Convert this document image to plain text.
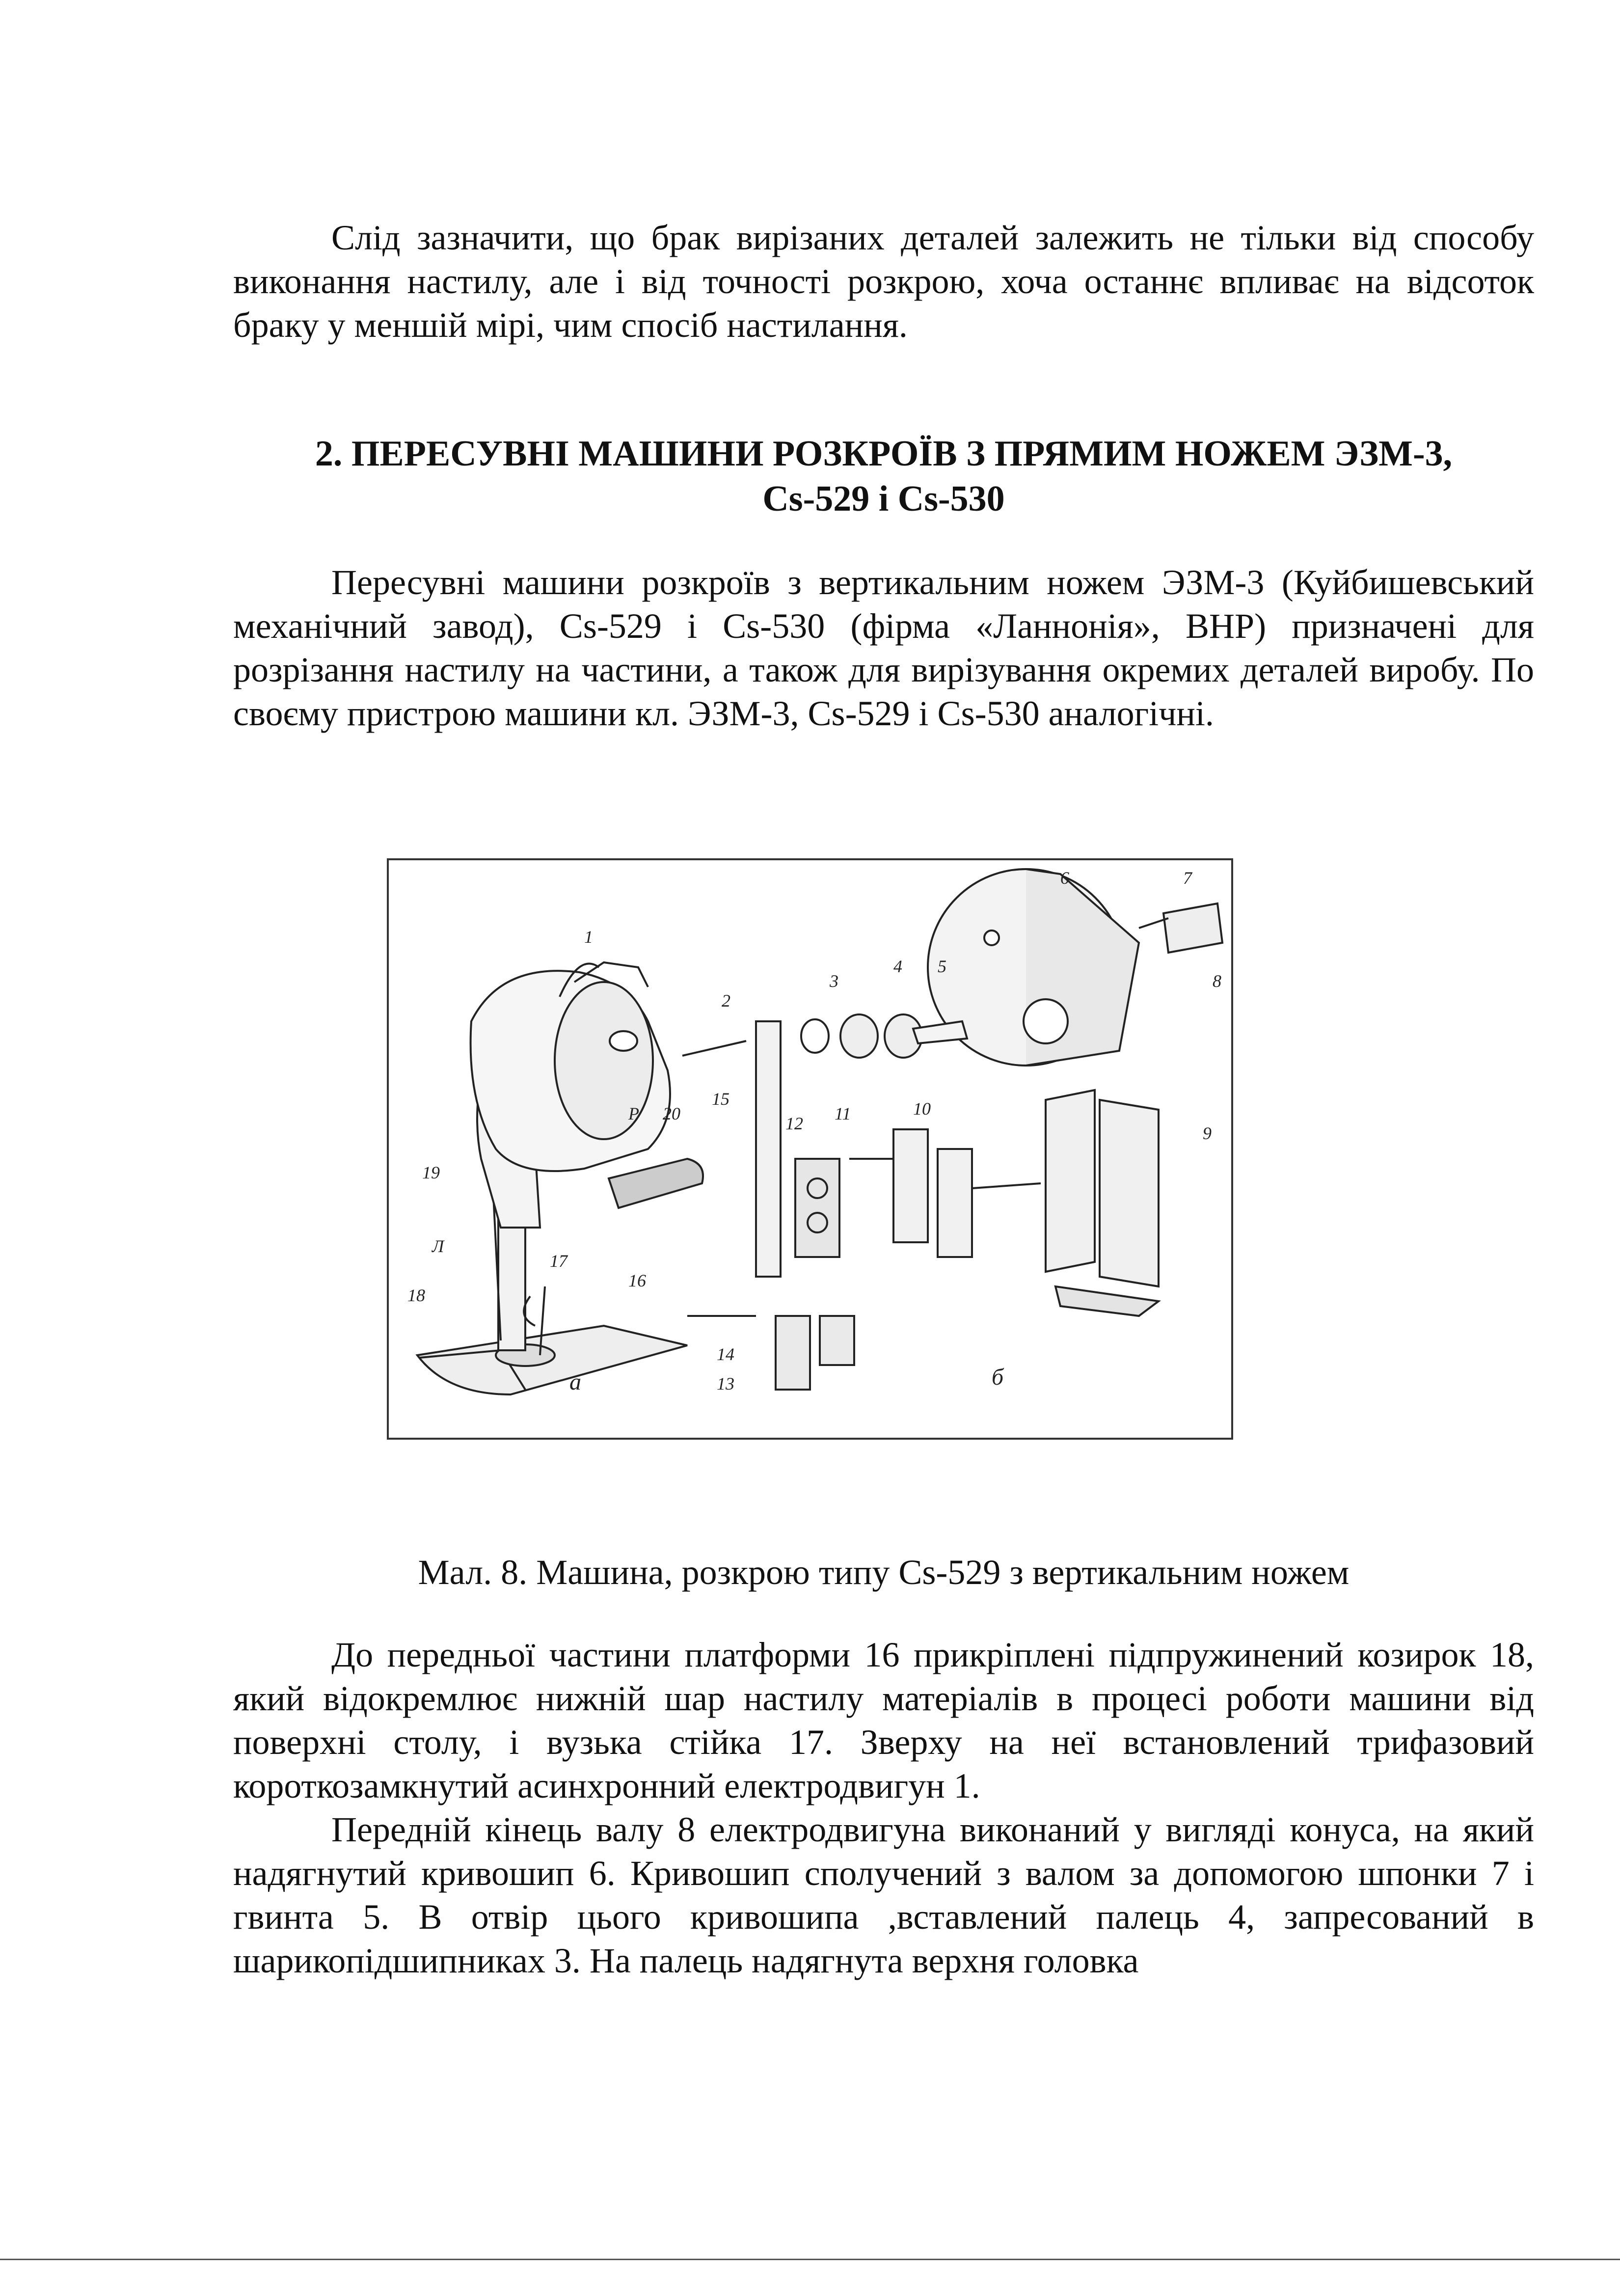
Слід зазначити, що брак вирізаних деталей залежить не тільки від способу виконання настилу, але і від точності розкрою, хоча останнє впливає на відсоток браку у меншій мірі, чим спосіб настилання.

2. ПЕРЕСУВНІ МАШИНИ РОЗКРОЇВ З ПРЯМИМ НОЖЕМ ЭЗМ-3,

Cs-529 і Cs-530

Пересувні машини розкроїв з вертикальним ножем ЭЗМ-3 (Куйбишевський механічний завод), Cs-529 і Cs-530 (фірма «Ланнонія», ВНР) призначені для розрізання настилу на частини, а також для вирізування окремих деталей виробу. По своєму пристрою машини кл. ЭЗМ-3, Cs-529 і Cs-530 аналогічні.

1
2
3
4 5
6	7
8
9
10
11
12
13
14
15
16
17
18
19
20
а	б
Р
Л

Мал. 8. Машина, розкрою типу Cs-529 з вертикальним ножем

До передньої частини платформи 16 прикріплені підпружинений козирок 18, який відокремлює нижній шар настилу матеріалів в процесі роботи машини від поверхні столу, і вузька стійка 17. Зверху на неї встановлений трифазовий короткозамкнутий асинхронний електродвигун 1.

Передній кінець валу 8 електродвигуна виконаний у вигляді конуса, на який надягнутий кривошип 6. Кривошип сполучений з валом за допомогою шпонки 7 і гвинта 5. В отвір цього кривошипа ,вставлений палець 4, запресований в шарикопідшипниках 3. На палець надягнута верхня головка
